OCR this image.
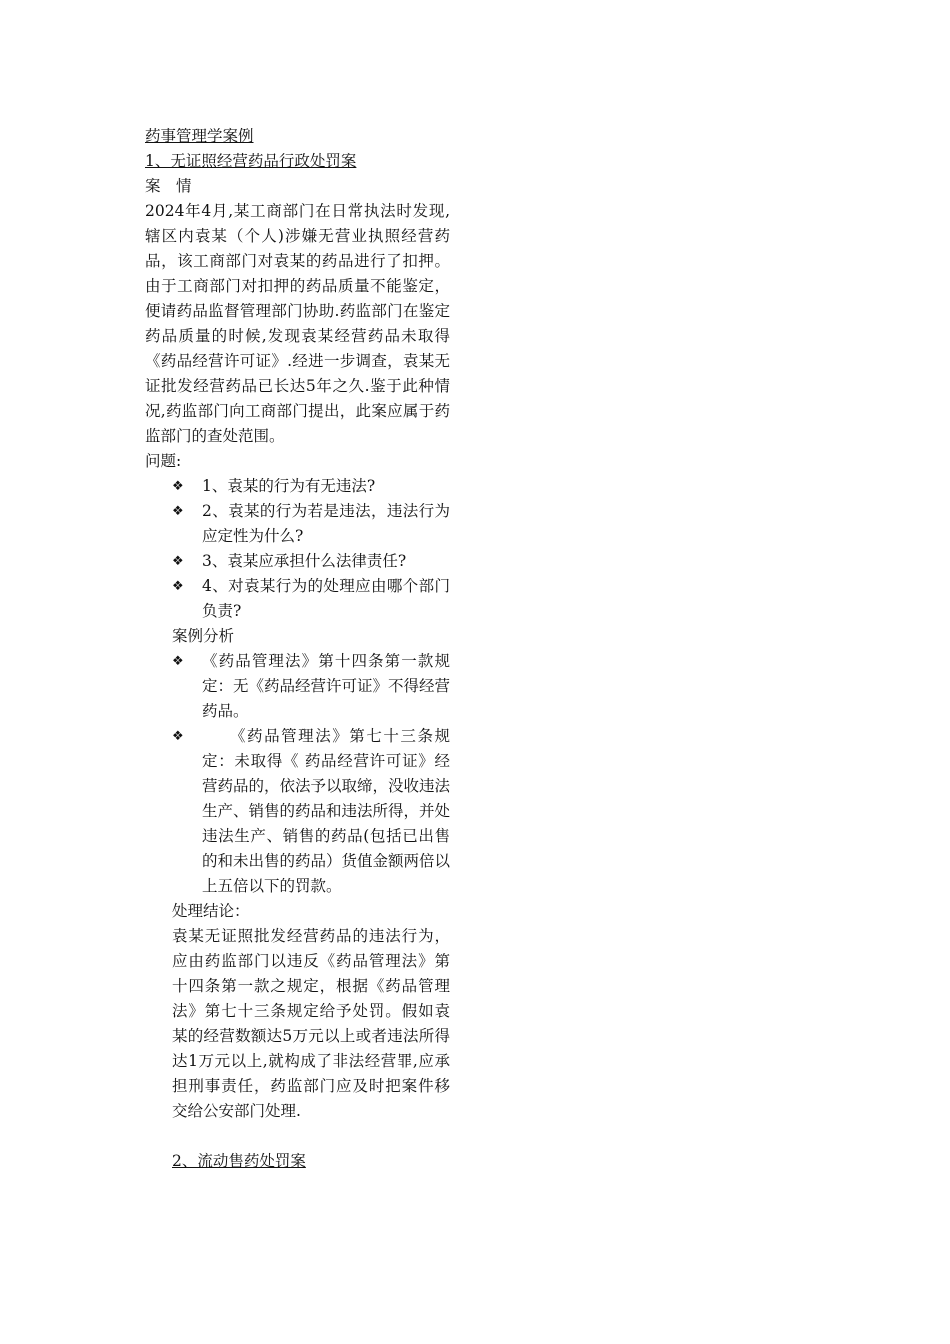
药事管理学案例
1、无证照经营药品行政处罚案
案　情
2024年4月,某工商部门在日常执法时发现,辖区内袁某（个人)涉嫌无营业执照经营药品，该工商部门对袁某的药品进行了扣押。由于工商部门对扣押的药品质量不能鉴定，便请药品监督管理部门协助.药监部门在鉴定药品质量的时候,发现袁某经营药品未取得《药品经营许可证》.经进一步调查，袁某无证批发经营药品已长达5年之久.鉴于此种情况,药监部门向工商部门提出，此案应属于药监部门的查处范围。
问题:
❖ 1、袁某的行为有无违法?
❖ 2、袁某的行为若是违法，违法行为应定性为什么?
❖ 3、袁某应承担什么法律责任?
❖ 4、对袁某行为的处理应由哪个部门负责?
案例分析
❖ 《药品管理法》第十四条第一款规定：无《药品经营许可证》不得经营药品。
❖	《药品管理法》第七十三条规定：未取得《 药品经营许可证》经营药品的，依法予以取缔，没收违法生产、销售的药品和违法所得，并处违法生产、销售的药品(包括已出售的和未出售的药品）货值金额两倍以上五倍以下的罚款。
处理结论：
袁某无证照批发经营药品的违法行为，应由药监部门以违反《药品管理法》第十四条第一款之规定，根据《药品管理法》第七十三条规定给予处罚。假如袁某的经营数额达5万元以上或者违法所得达1万元以上,就构成了非法经营罪,应承担刑事责任，药监部门应及时把案件移交给公安部门处理.
2、流动售药处罚案
